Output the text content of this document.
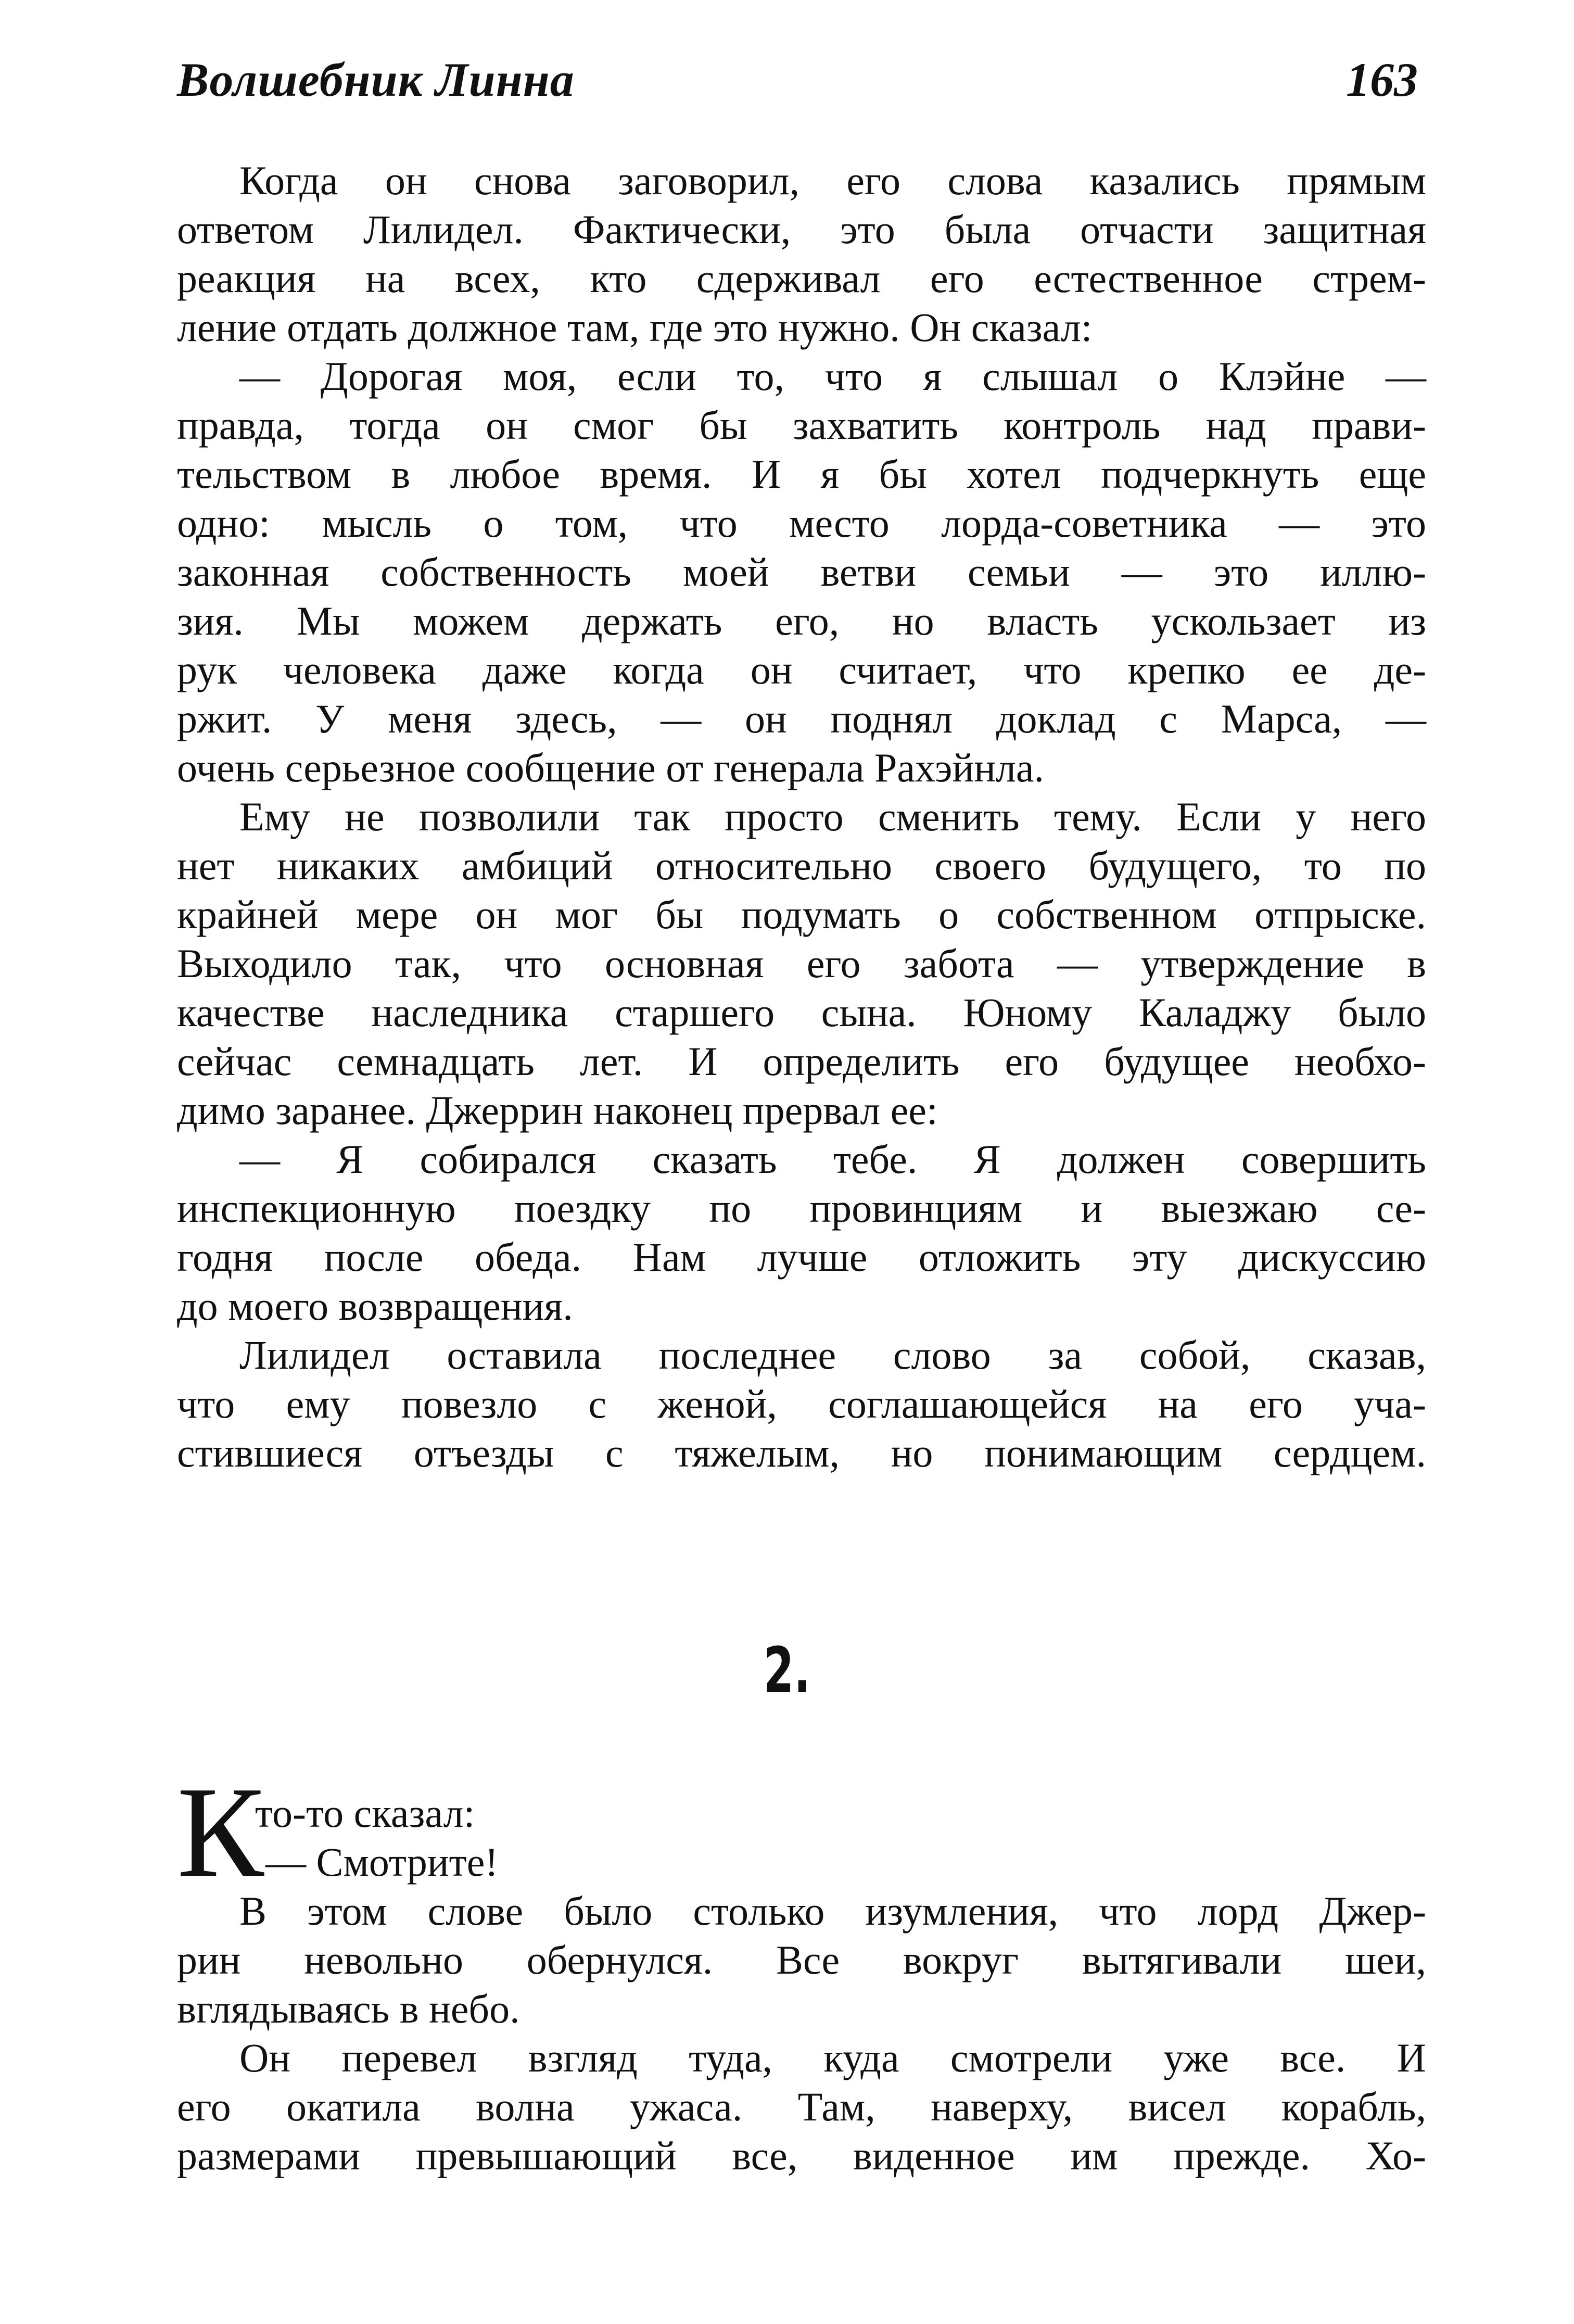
Волшебник Линна	163
Когда он снова заговорил, его слова казались прямым
ответом Лилидел. Фактически, это была отчасти защитная
реакция на всех, кто сдерживал его естественное стрем-
ление отдать должное там, где это нужно. Он сказал:
— Дорогая моя, если то, что я слышал о Клэйне —
правда, тогда он смог бы захватить контроль над прави-
тельством в любое время. И я бы хотел подчеркнуть еще
одно: мысль о том, что место лорда-советника — это
законная собственность моей ветви семьи — это иллю-
зия. Мы можем держать его, но власть ускользает из
рук человека даже когда он считает, что крепко ее де-
ржит. У меня здесь, — он поднял доклад с Марса, —
очень серьезное сообщение от генерала Рахэйнла.
Ему не позволили так просто сменить тему. Если у него
нет никаких амбиций относительно своего будущего, то по
крайней мере он мог бы подумать о собственном отпрыске.
Выходило так, что основная его забота — утверждение в
качестве наследника старшего сына. Юному Каладжу было
сейчас семнадцать лет. И определить его будущее необхо-
димо заранее. Джеррин наконец прервал ее:
— Я собирался сказать тебе. Я должен совершить
инспекционную поездку по провинциям и выезжаю се-
годня после обеда. Нам лучше отложить эту дискуссию
до моего возвращения.
Лилидел оставила последнее слово за собой, сказав,
что ему повезло с женой, соглашающейся на его уча-
стившиеся отъезды с тяжелым, но понимающим сердцем.
2.
К
то-то сказал:
— Смотрите!
В этом слове было столько изумления, что лорд Джер-
рин невольно обернулся. Все вокруг вытягивали шеи,
вглядываясь в небо.
Он перевел взгляд туда, куда смотрели уже все. И
его окатила волна ужаса. Там, наверху, висел корабль,
размерами превышающий все, виденное им прежде. Хо-
